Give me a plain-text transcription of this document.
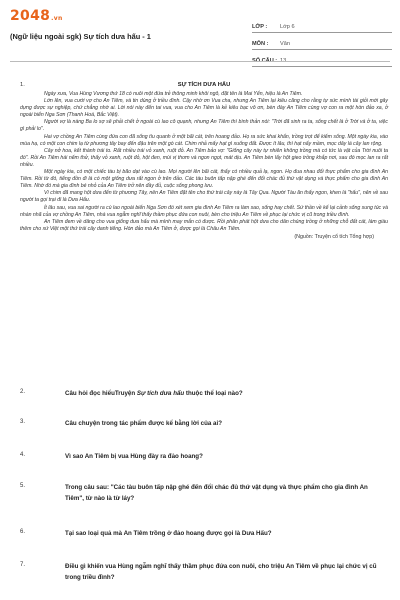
2048.vn
(Ngữ liệu ngoài sgk) Sự tích dưa hấu - 1
LỚP :	Lớp 6
MÔN :	Văn
SỐ CÂU : 13
1.	SỰ TÍCH DƯA HẤU

Ngày xưa, Vua Hùng Vương thứ 18 có nuôi một đứa trẻ thông minh khôi ngô, đặt tên là Mai Yển, hiệu là An Tiêm.

Lớn lên, vua cưới vợ cho An Tiêm, và tin dùng ở triều đình. Cậy nhờ ơn Vua cha, nhưng An Tiêm lại kiêu căng cho rằng tự sức mình tài giỏi mới gây dựng được sự nghiệp, chứ chẳng nhờ ai. Lời nói này đến tai vua, vua cho An Tiêm là kẻ kiêu bạc vô ơn, bèn đày An Tiêm cùng vợ con ra một hòn đảo xa, ở ngoài biển Nga Sơn (Thanh Hoá, Bắc Việt).

Người vợ là nàng Ba lo sợ sẽ phải chết ở ngoài cù lao cô quạnh, nhưng An Tiêm thì bình thản nói: "Trời đã sinh ra ta, sống chết là ở Trời và ở ta, việc gì phải lo".

Hai vợ chồng An Tiêm cùng đứa con đã sống tìu quanh ở một bãi cát, trên hoang đảo. Họ ra sức khai khẩn, trồng trọt để kiếm sống. Một ngày kia, vào mùa hạ, có một con chim lạ từ phương tây bay đến đậu trên một gò cát. Chim nhả mấy hạt gì xuống đất. Được ít lâu, thì hạt nẩy mầm, mọc dây lá cây lan rộng.

Cây nở hoa, kết thành trái to. Rất nhiều trái vỏ xanh, ruột đỏ. An Tiêm bảo vợ: "Giống cây này tự nhiên không trồng mà có tức là vật của Trời nuôi ta đó". Rồi An Tiêm hái nếm thử, thấy vỏ xanh, ruột đỏ, hột đen, mùi vị thơm và ngon ngọt, mát dịu. An Tiêm bèn lấy hột gieo trồng khắp nơi, sau đó mọc lan ra rất nhiều.

Một ngày kia, có một chiếc tàu bị bão dạt vào cù lao. Mọi người lên bãi cát, thấy có nhiều quả lạ, ngon. Họ đua nhau đổi thực phẩm cho gia đình An Tiêm. Rồi từ đó, tiếng đồn đi là có một giống dưa rất ngon ở trên đảo. Các tàu buôn tấp nập ghé đến đổi chác đủ thứ vật dụng và thực phẩm cho gia đình An Tiêm. Nhờ đó mà gia đình bé nhỏ của An Tiêm trở nên đầy đủ, cuộc sống phong lưu.

Vì chim đã mang hột dưa đến từ phương Tây, nên An Tiêm đặt tên cho thứ trái cây này là Tây Qua. Người Tàu ăn thấy ngon, khen là "hấu", nên về sau người ta gọi trại đi là Dưa Hấu.

Ít lâu sau, vua sai người ra cù lao ngoài biển Nga Sơn đó xét xem gia đình An Tiêm ra làm sao, sống hay chết. Sứ thần về kể lại cảnh sống sung túc và nhàn nhã của vợ chồng An Tiêm, nhà vua ngẫm nghĩ thấy thầm phục đứa con nuôi, bèn cho triệu An Tiêm về phục lại chức vị cũ trong triều đình.

An Tiêm đem về dâng cho vua giống dưa hấu mà mình may mắn có được. Rồi phân phát hột dưa cho dân chúng trồng ở những chỗ đất cát, làm giàu thêm cho xứ Việt một thứ trái cây danh tiếng. Hòn đảo mà An Tiêm ở, được gọi là Châu An Tiêm.

(Nguồn: Truyện cổ tích Tổng hợp)
2.	Câu hỏi đọc hiểuTruyện Sự tích dưa hấu thuộc thể loại nào?
3.	Câu chuyện trong tác phẩm được kể bằng lời của ai?
4.	Vì sao An Tiêm bị vua Hùng đày ra đảo hoang?
5.	Trong câu sau: "Các tàu buôn tấp nập ghé đến đổi chác đủ thứ vật dụng và thực phẩm cho gia đình An Tiêm", từ nào là từ láy?
6.	Tại sao loại quả mà An Tiêm trồng ở đảo hoang được gọi là Dưa Hấu?
7.	Điều gì khiến vua Hùng ngẫm nghĩ thấy thầm phục đứa con nuôi, cho triệu An Tiêm về phục lại chức vị cũ trong triều đình?
